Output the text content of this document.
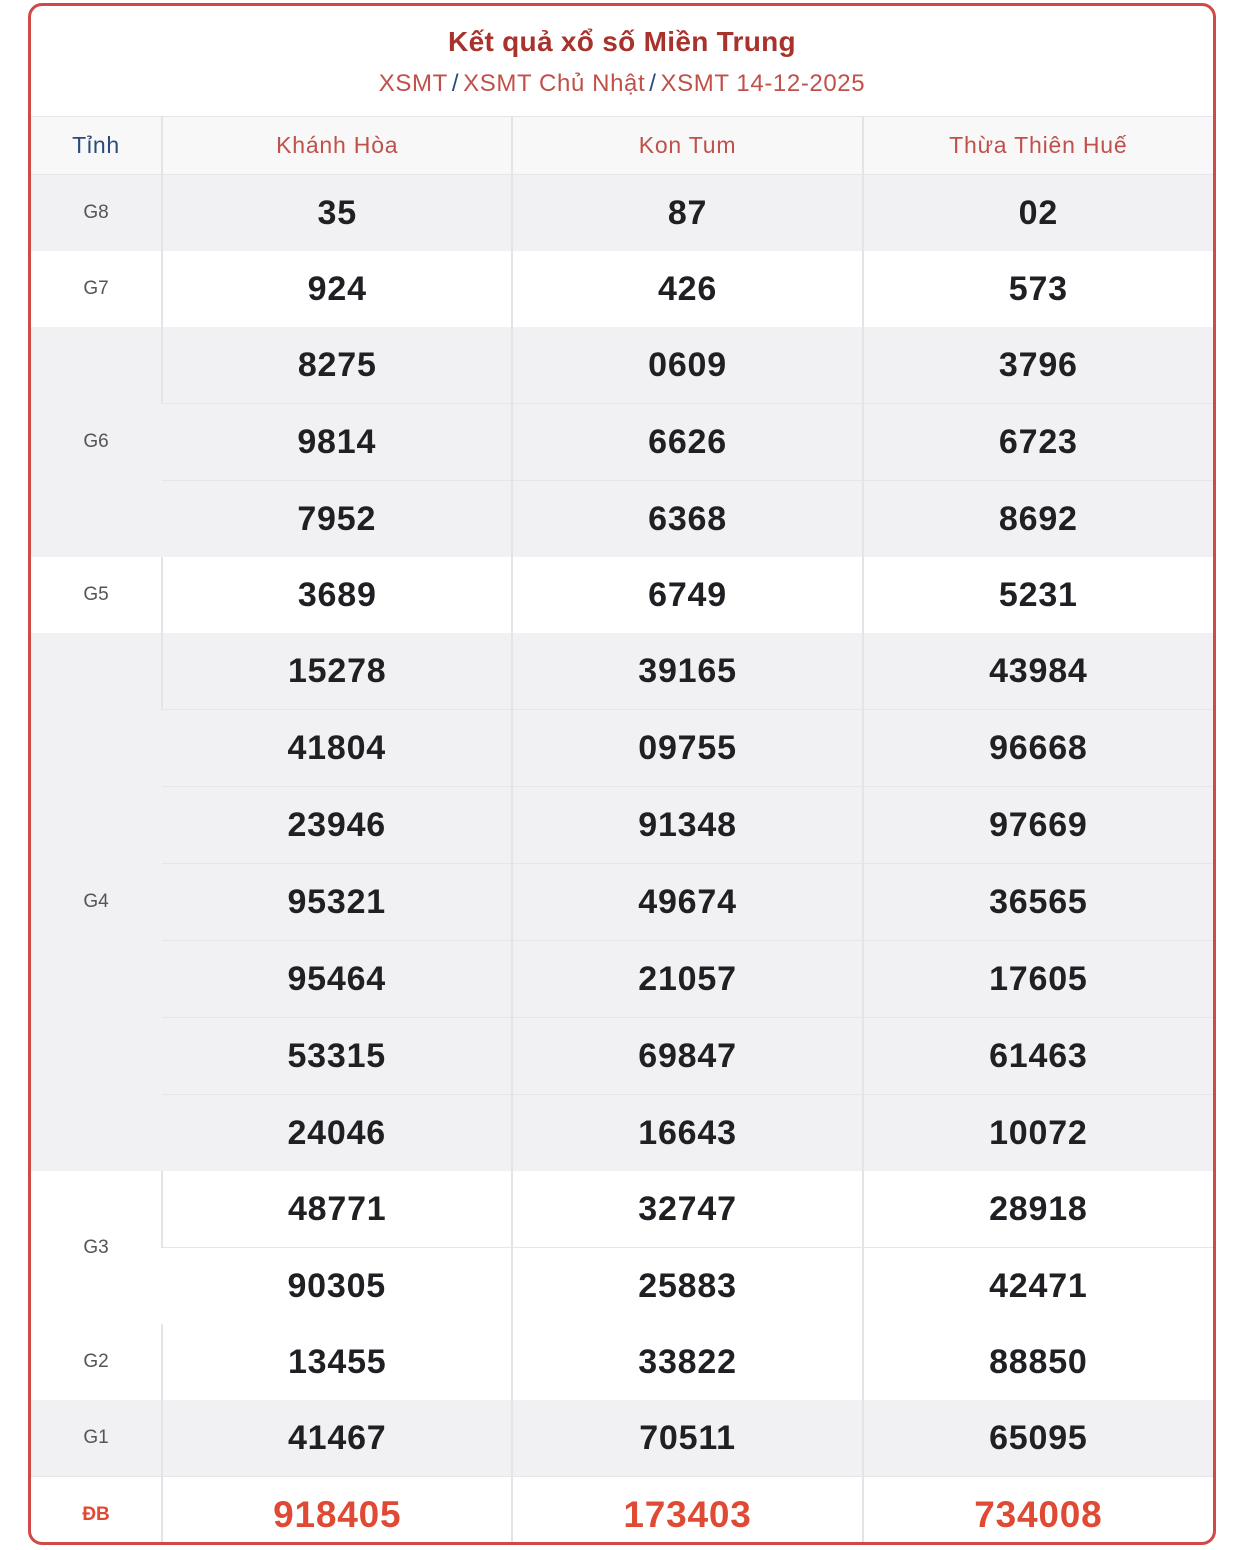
Kết quả xổ số Miền Trung
XSMT / XSMT Chủ Nhật / XSMT 14-12-2025
Tỉnh	Khánh Hòa	Kon Tum	Thừa Thiên Huế
G8	35	87	02
G7	924	426	573
G6	8275	0609	3796
	9814	6626	6723
	7952	6368	8692
G5	3689	6749	5231
G4	15278	39165	43984
	41804	09755	96668
	23946	91348	97669
	95321	49674	36565
	95464	21057	17605
	53315	69847	61463
	24046	16643	10072
G3	48771	32747	28918
	90305	25883	42471
G2	13455	33822	88850
G1	41467	70511	65095
ĐB	918405	173403	734008
